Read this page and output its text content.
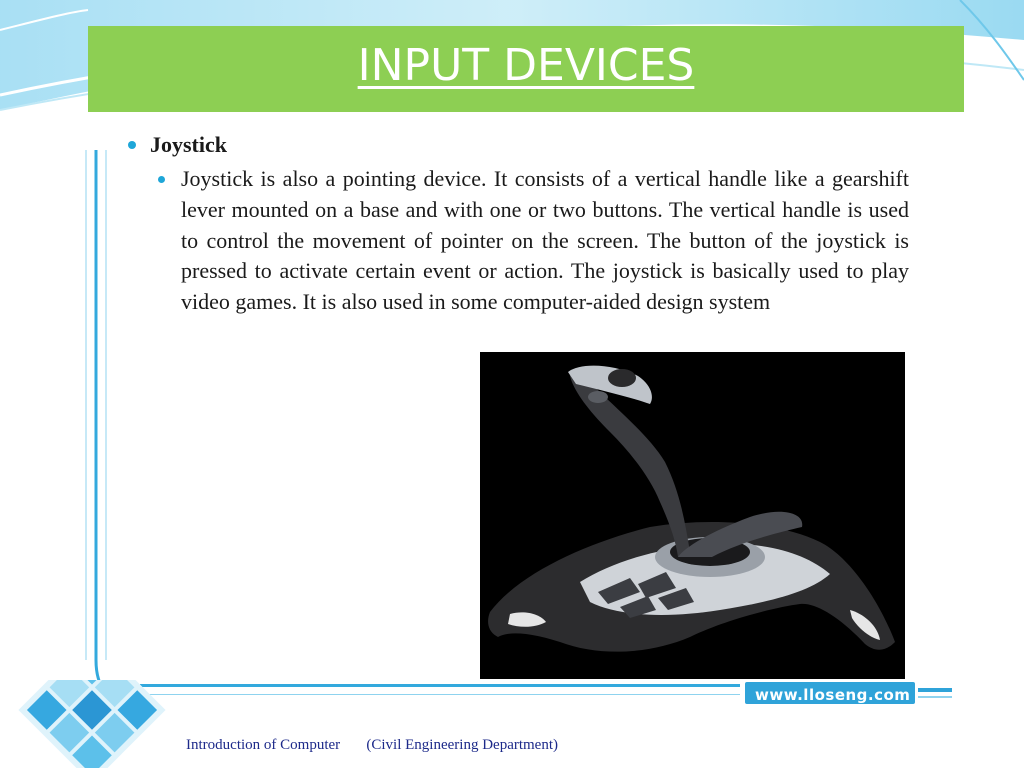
INPUT DEVICES
Joystick

Joystick is also a pointing device. It consists of a vertical handle like a gearshift lever mounted on a base and with one or two buttons. The vertical handle is used to control the movement of pointer on the screen. The button of the joystick is pressed to activate certain event or action. The joystick is basically used to play video games. It is also used in some computer-aided design system

www.lloseng.com
Introduction of Computer (Civil Engineering Department)
